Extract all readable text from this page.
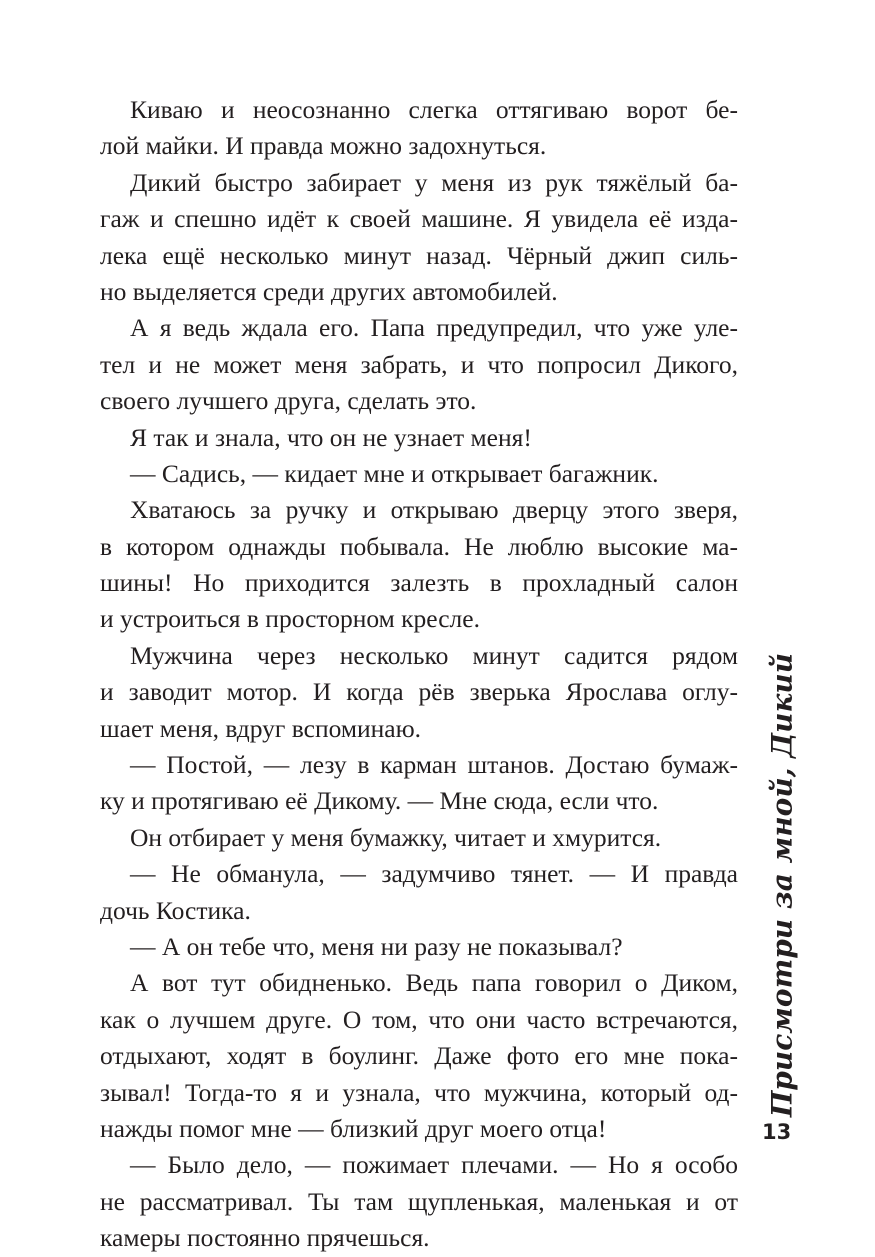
Киваю и неосознанно слегка оттягиваю ворот бе-
лой майки. И правда можно задохнуться.
Дикий быстро забирает у меня из рук тяжёлый ба-
гаж и спешно идёт к своей машине. Я увидела её изда-
лека ещё несколько минут назад. Чёрный джип силь-
но выделяется среди других автомобилей.
А я ведь ждала его. Папа предупредил, что уже уле-
тел и не может меня забрать, и что попросил Дикого,
своего лучшего друга, сделать это.
Я так и знала, что он не узнает меня!
— Садись, — кидает мне и открывает багажник.
Хватаюсь за ручку и открываю дверцу этого зверя,
в котором однажды побывала. Не люблю высокие ма-
шины! Но приходится залезть в прохладный салон
и устроиться в просторном кресле.
Мужчина через несколько минут садится рядом
и заводит мотор. И когда рёв зверька Ярослава оглу-
шает меня, вдруг вспоминаю.
— Постой, — лезу в карман штанов. Достаю бумаж-
ку и протягиваю её Дикому. — Мне сюда, если что.
Он отбирает у меня бумажку, читает и хмурится.
— Не обманула, — задумчиво тянет. — И правда
дочь Костика.
— А он тебе что, меня ни разу не показывал?
А вот тут обидненько. Ведь папа говорил о Диком,
как о лучшем друге. О том, что они часто встречаются,
отдыхают, ходят в боулинг. Даже фото его мне пока-
зывал! Тогда-то я и узнала, что мужчина, который од-
нажды помог мне — близкий друг моего отца!
— Было дело, — пожимает плечами. — Но я особо
не рассматривал. Ты там щупленькая, маленькая и от
камеры постоянно прячешься.
Присмотри за мной, Дикий
13
